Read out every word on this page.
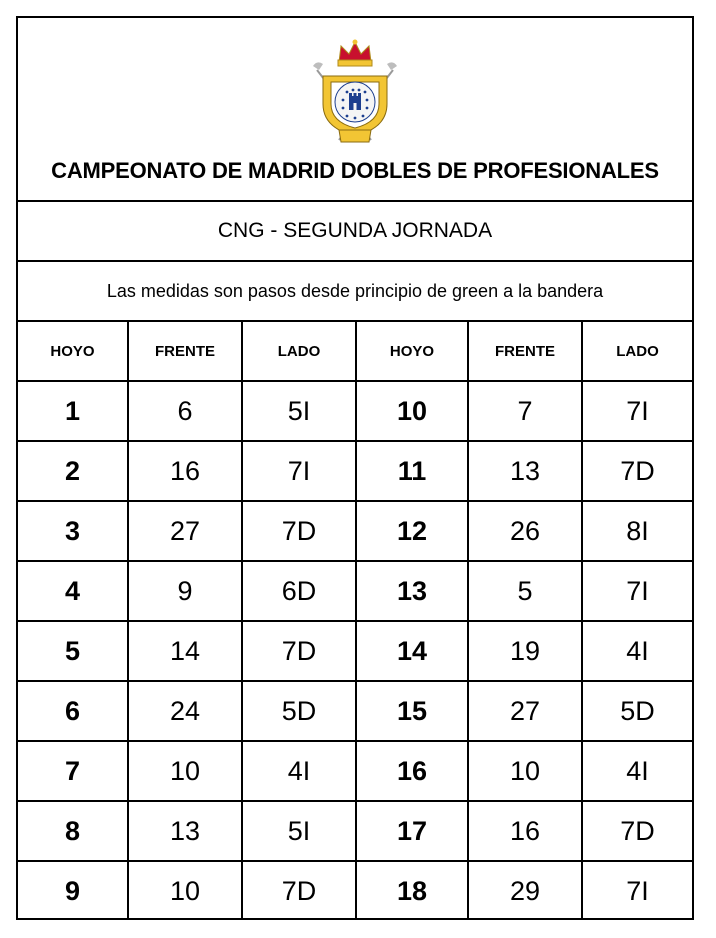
CAMPEONATO DE MADRID DOBLES DE PROFESIONALES
CNG - SEGUNDA JORNADA
Las medidas son pasos desde principio de green a la bandera
HOYO	FRENTE	LADO	HOYO	FRENTE	LADO
1	6	5I	10	7	7I
2	16	7I	11	13	7D
3	27	7D	12	26	8I
4	9	6D	13	5	7I
5	14	7D	14	19	4I
6	24	5D	15	27	5D
7	10	4I	16	10	4I
8	13	5I	17	16	7D
9	10	7D	18	29	7I
